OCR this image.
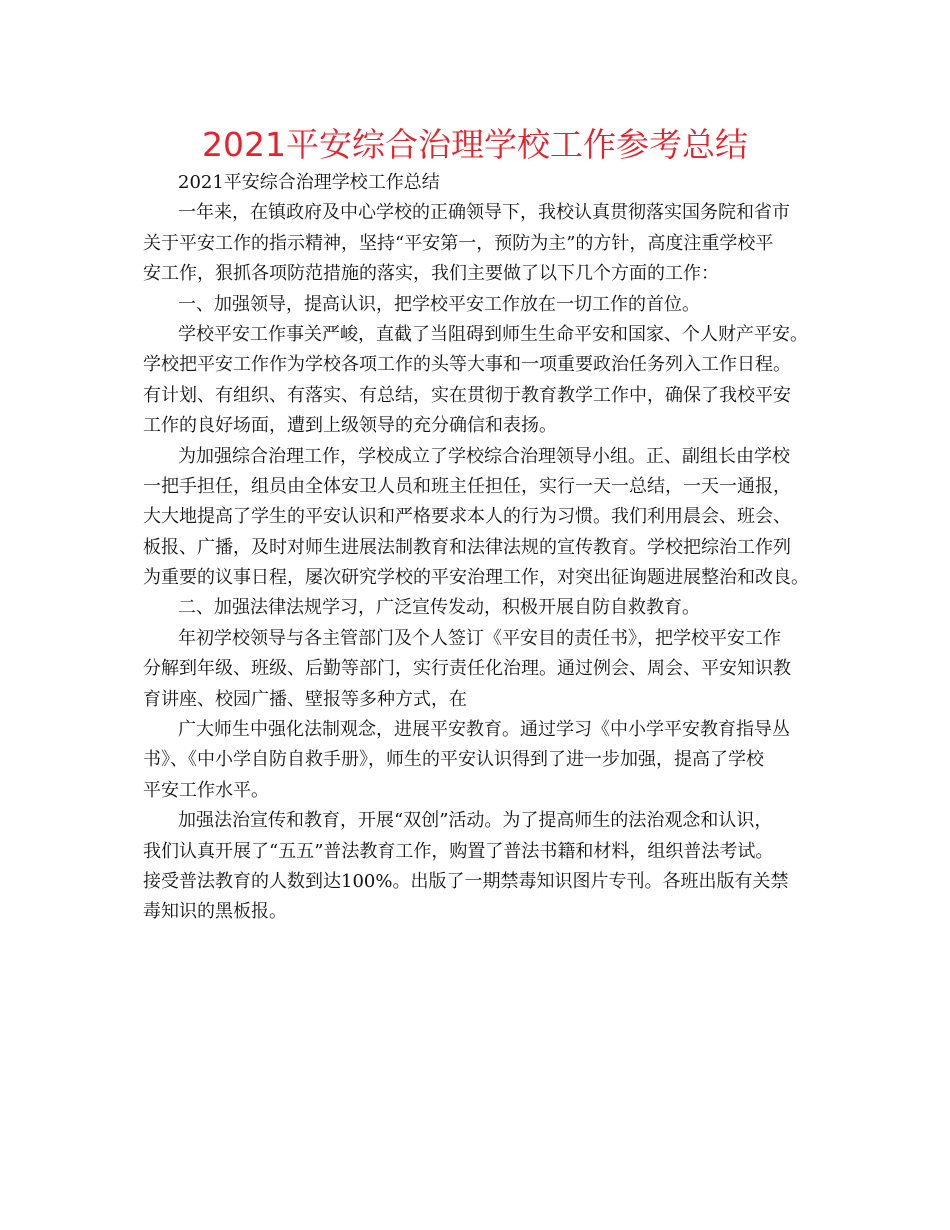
2021平安综合治理学校工作参考总结
2021平安综合治理学校工作总结
一年来，在镇政府及中心学校的正确领导下，我校认真贯彻落实国务院和省市
关于平安工作的指示精神，坚持“平安第一，预防为主”的方针，高度注重学校平
安工作，狠抓各项防范措施的落实，我们主要做了以下几个方面的工作：
一、加强领导，提高认识，把学校平安工作放在一切工作的首位。
学校平安工作事关严峻，直截了当阻碍到师生生命平安和国家、个人财产平安。
学校把平安工作作为学校各项工作的头等大事和一项重要政治任务列入工作日程。
有计划、有组织、有落实、有总结，实在贯彻于教育教学工作中，确保了我校平安
工作的良好场面，遭到上级领导的充分确信和表扬。
为加强综合治理工作，学校成立了学校综合治理领导小组。正、副组长由学校
一把手担任，组员由全体安卫人员和班主任担任，实行一天一总结，一天一通报，
大大地提高了学生的平安认识和严格要求本人的行为习惯。我们利用晨会、班会、
板报、广播，及时对师生进展法制教育和法律法规的宣传教育。学校把综治工作列
为重要的议事日程，屡次研究学校的平安治理工作，对突出征询题进展整治和改良。
二、加强法律法规学习，广泛宣传发动，积极开展自防自救教育。
年初学校领导与各主管部门及个人签订《平安目的责任书》，把学校平安工作
分解到年级、班级、后勤等部门，实行责任化治理。通过例会、周会、平安知识教
育讲座、校园广播、壁报等多种方式，在
广大师生中强化法制观念，进展平安教育。通过学习《中小学平安教育指导丛
书》、《中小学自防自救手册》，师生的平安认识得到了进一步加强，提高了学校
平安工作水平。
加强法治宣传和教育，开展“双创”活动。为了提高师生的法治观念和认识，
我们认真开展了“五五”普法教育工作，购置了普法书籍和材料，组织普法考试。
接受普法教育的人数到达100%。出版了一期禁毒知识图片专刊。各班出版有关禁
毒知识的黑板报。
